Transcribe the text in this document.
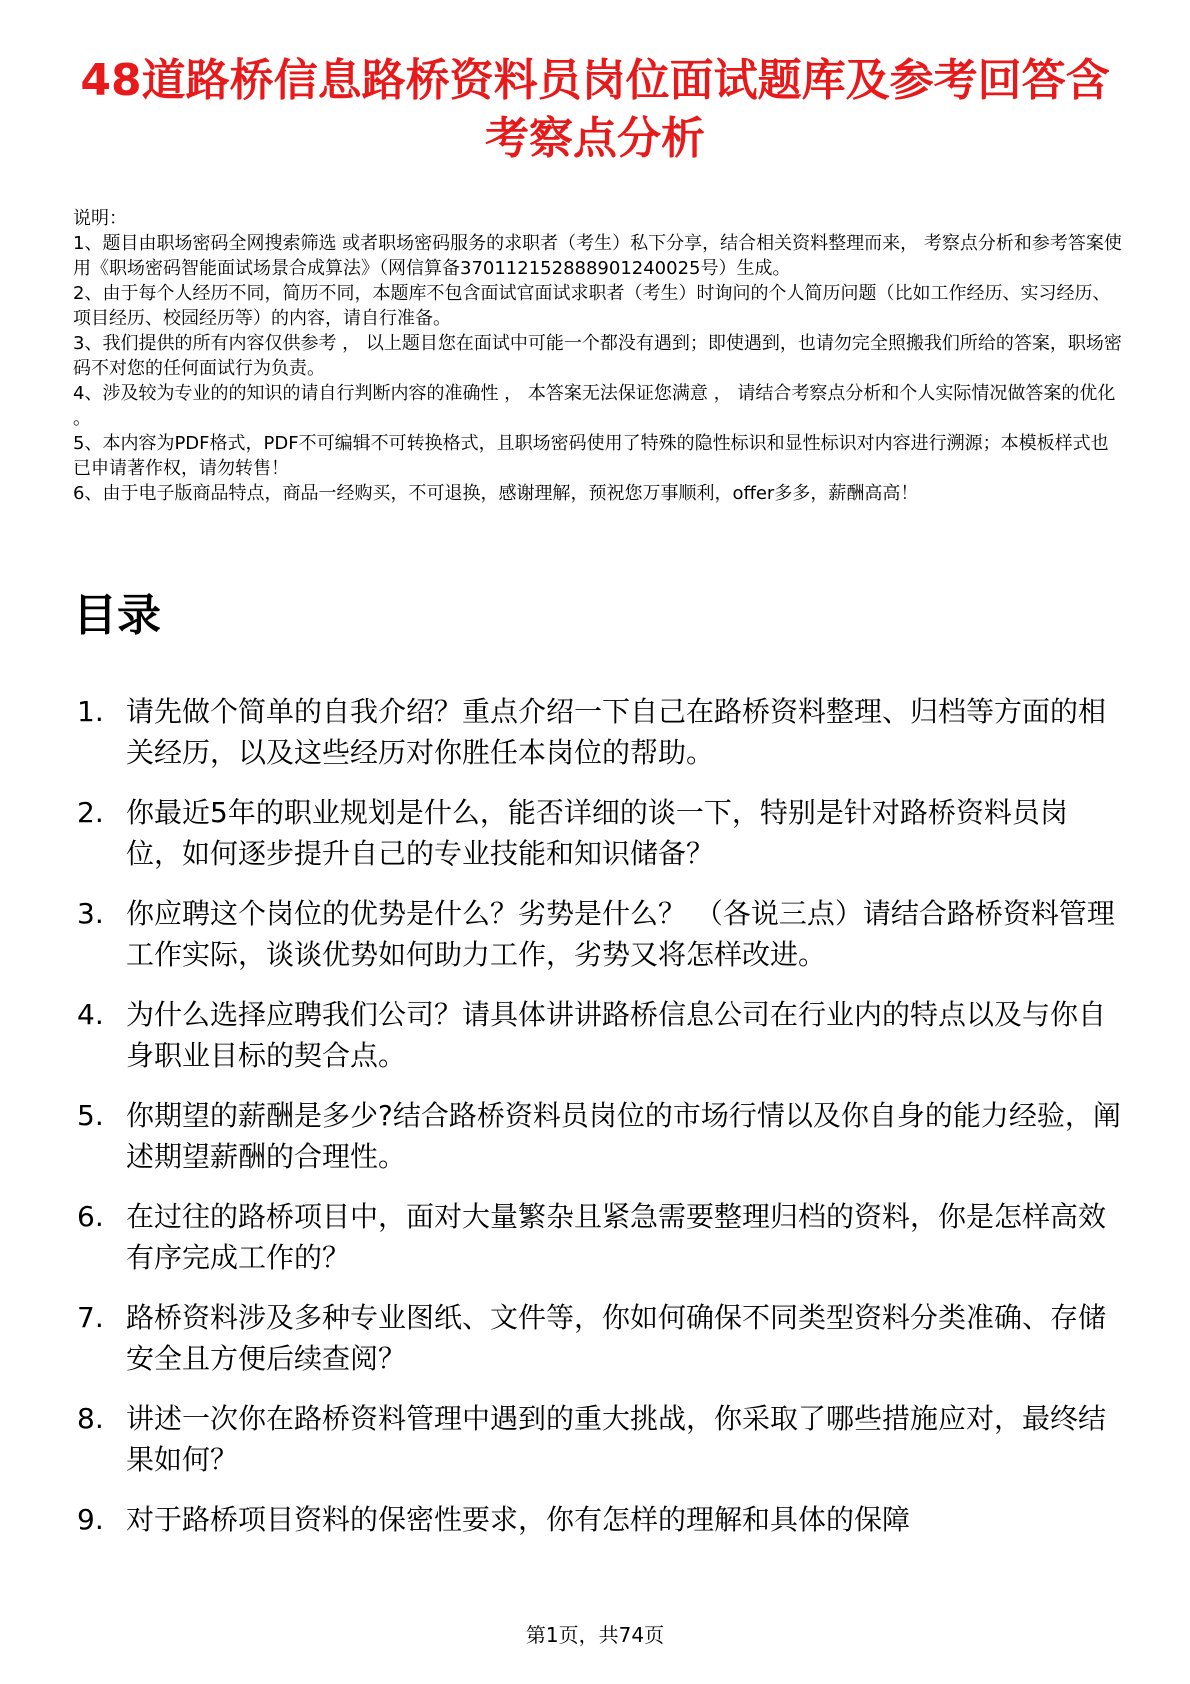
48道路桥信息路桥资料员岗位面试题库及参考回答含考察点分析

说明：

1、题目由职场密码全网搜索筛选 或者职场密码服务的求职者（考生）私下分享，结合相关资料整理而来， 考察点分析和参考答案使用《职场密码智能面试场景合成算法》（网信算备370112152888901240025号）生成。

2、由于每个人经历不同，简历不同，本题库不包含面试官面试求职者（考生）时询问的个人简历问题（比如工作经历、实习经历、项目经历、校园经历等）的内容，请自行准备。

3、我们提供的所有内容仅供参考 ， 以上题目您在面试中可能一个都没有遇到；即使遇到，也请勿完全照搬我们所给的答案，职场密码不对您的任何面试行为负责。

4、涉及较为专业的的知识的请自行判断内容的准确性 ， 本答案无法保证您满意 ， 请结合考察点分析和个人实际情况做答案的优化 。

5、本内容为PDF格式，PDF不可编辑不可转换格式，且职场密码使用了特殊的隐性标识和显性标识对内容进行溯源；本模板样式也已申请著作权，请勿转售！

6、由于电子版商品特点，商品一经购买，不可退换，感谢理解，预祝您万事顺利，offer多多，薪酬高高！

目录
1. 请先做个简单的自我介绍？重点介绍一下自己在路桥资料整理、归档等方面的相关经历，以及这些经历对你胜任本岗位的帮助。
2. 你最近5年的职业规划是什么，能否详细的谈一下，特别是针对路桥资料员岗位，如何逐步提升自己的专业技能和知识储备？
3. 你应聘这个岗位的优势是什么？劣势是什么？ （各说三点）请结合路桥资料管理工作实际，谈谈优势如何助力工作，劣势又将怎样改进。
4. 为什么选择应聘我们公司？请具体讲讲路桥信息公司在行业内的特点以及与你自身职业目标的契合点。
5. 你期望的薪酬是多少?结合路桥资料员岗位的市场行情以及你自身的能力经验，阐述期望薪酬的合理性。
6. 在过往的路桥项目中，面对大量繁杂且紧急需要整理归档的资料，你是怎样高效有序完成工作的？
7. 路桥资料涉及多种专业图纸、文件等，你如何确保不同类型资料分类准确、存储安全且方便后续查阅？
8. 讲述一次你在路桥资料管理中遇到的重大挑战，你采取了哪些措施应对，最终结果如何？
9. 对于路桥项目资料的保密性要求，你有怎样的理解和具体的保障
第1页，共74页
